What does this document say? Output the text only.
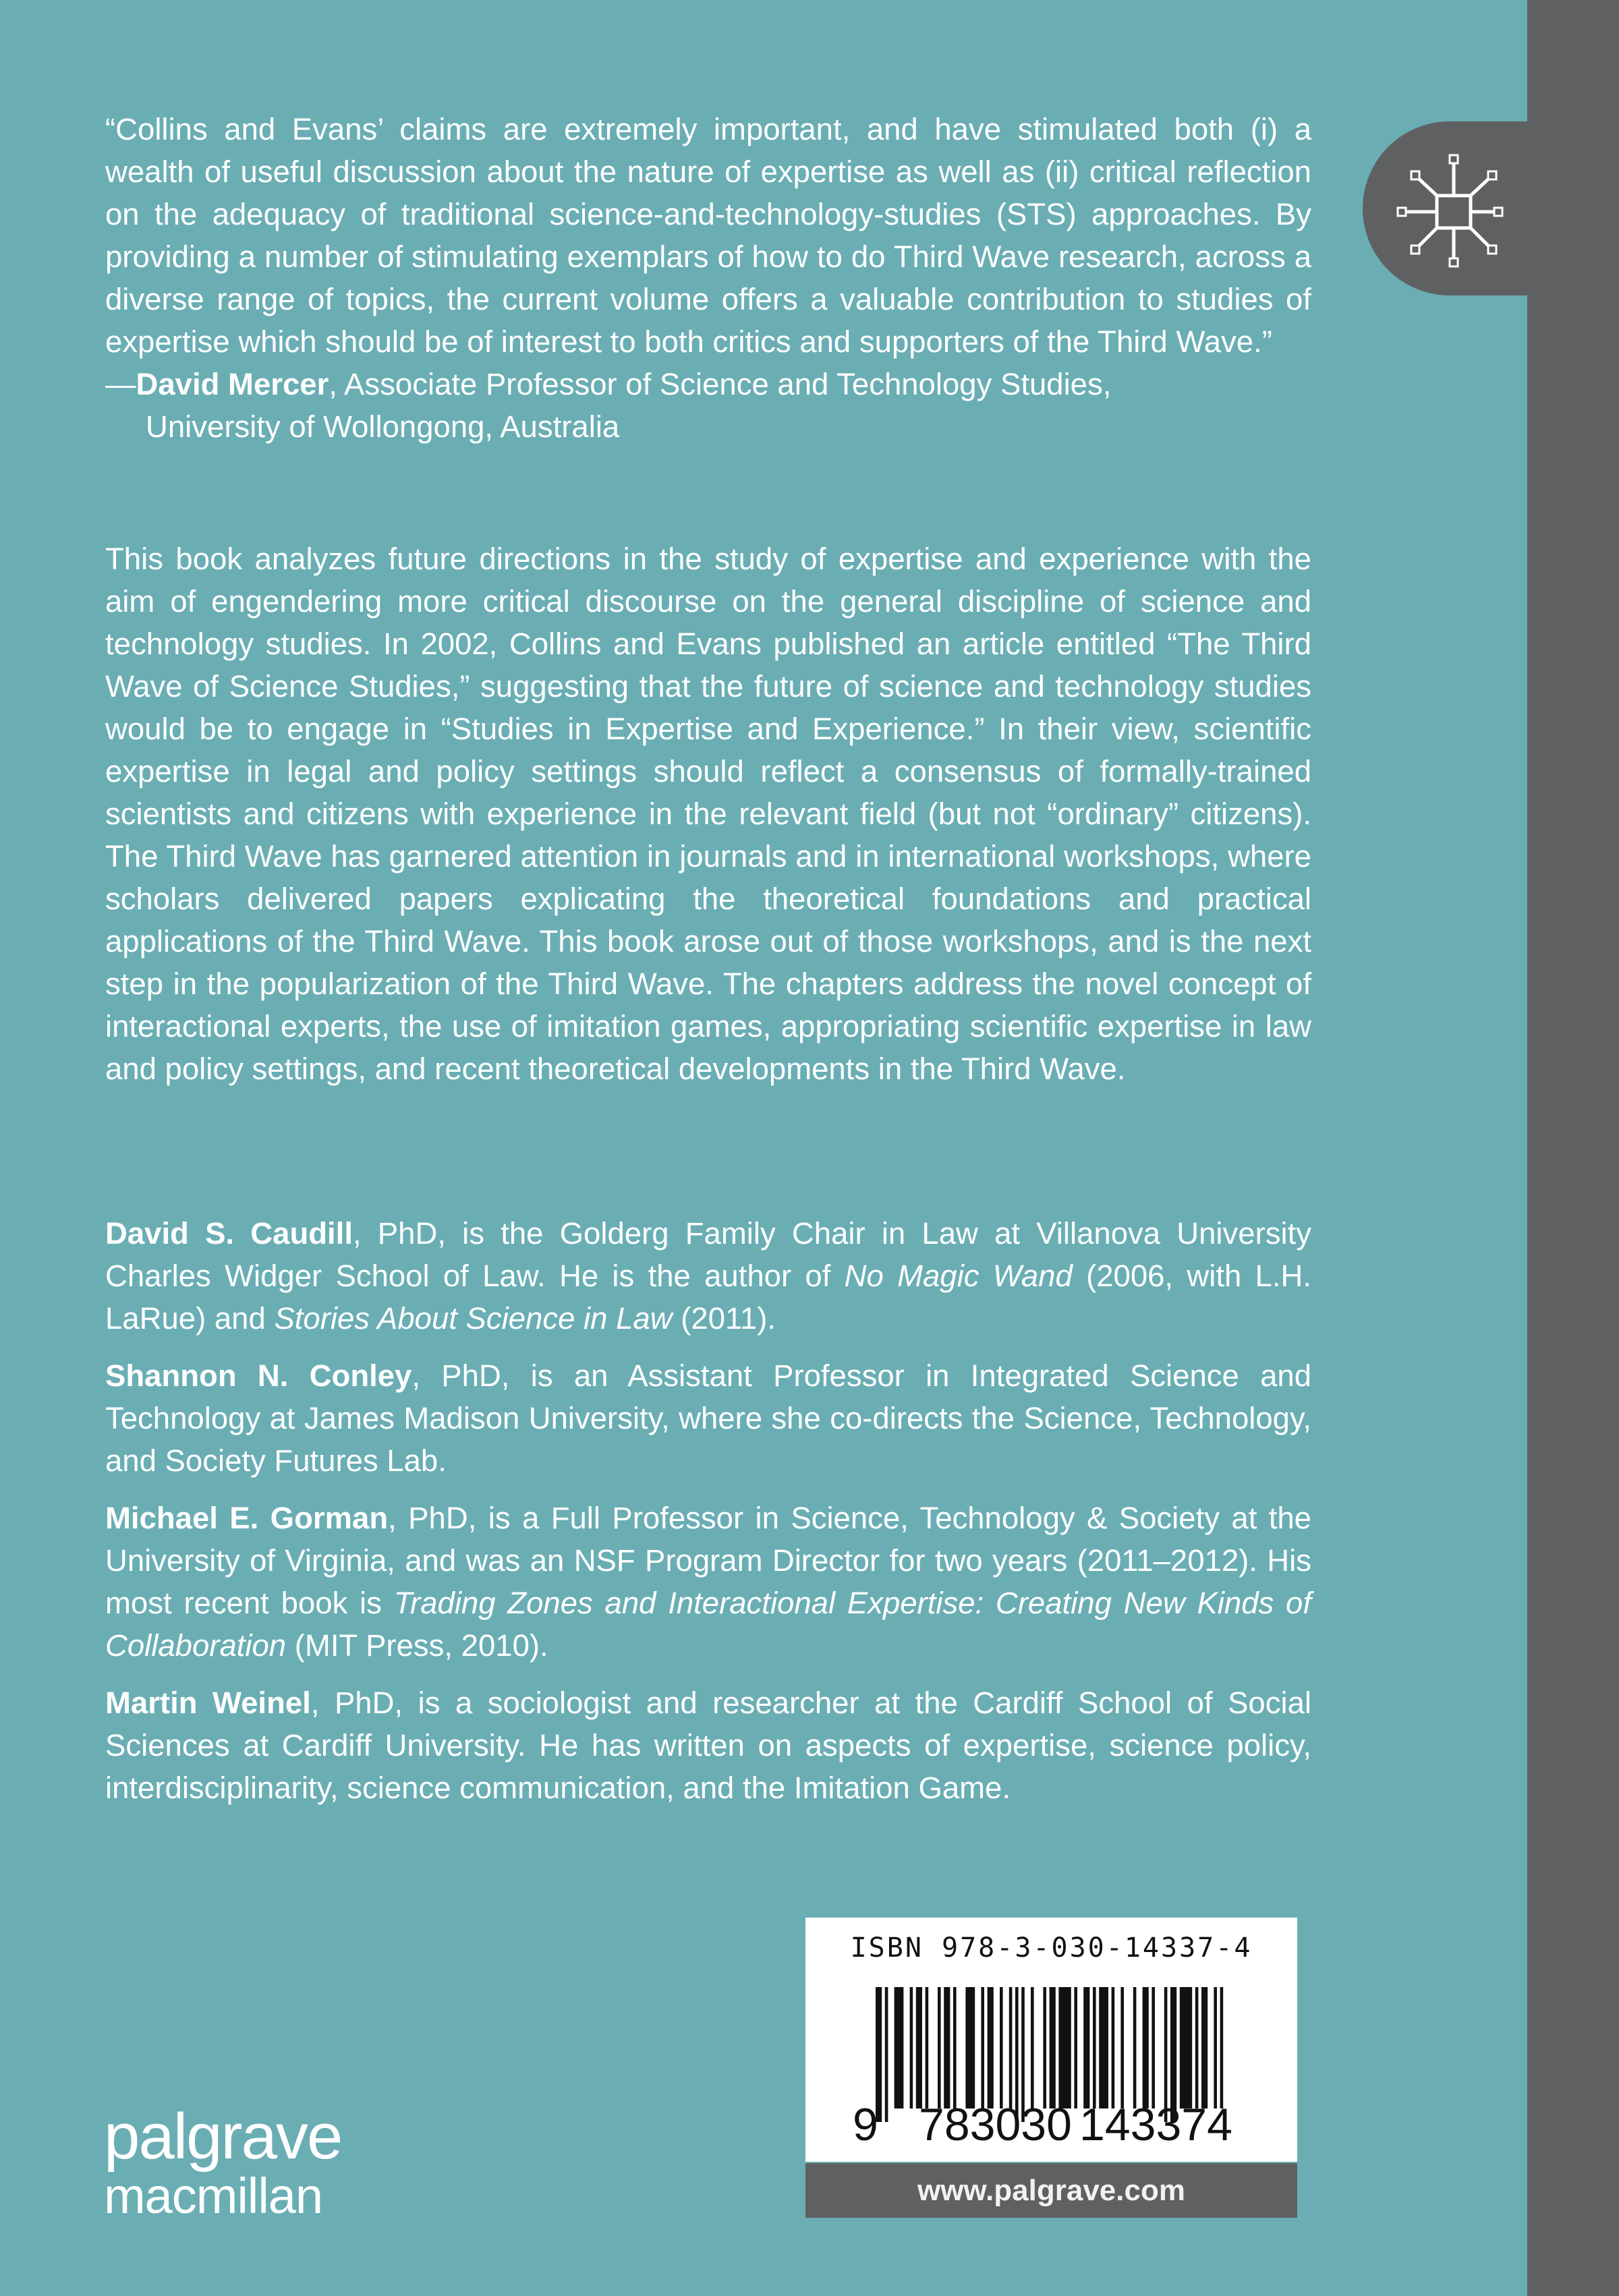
“Collins and Evans’ claims are extremely important, and have stimulated both (i) a wealth of useful discussion about the nature of expertise as well as (ii) critical reflection on the adequacy of traditional science-and-technology-studies (STS) approaches. By providing a number of stimulating exemplars of how to do Third Wave research, across a diverse range of topics, the current volume offers a valuable contribution to studies of expertise which should be of interest to both critics and supporters of the Third Wave.”

—David Mercer, Associate Professor of Science and Technology Studies,
University of Wollongong, Australia

This book analyzes future directions in the study of expertise and experience with the aim of engendering more critical discourse on the general discipline of science and technology studies. In 2002, Collins and Evans published an article entitled “The Third Wave of Science Studies,” suggesting that the future of science and technology studies would be to engage in “Studies in Expertise and Experience.” In their view, scientific expertise in legal and policy settings should reflect a consensus of formally-trained scientists and citizens with experience in the relevant field (but not “ordinary” citizens). The Third Wave has garnered attention in journals and in international workshops, where scholars delivered papers explicating the theoretical foundations and practical applications of the Third Wave. This book arose out of those workshops, and is the next step in the popularization of the Third Wave. The chapters address the novel concept of interactional experts, the use of imitation games, appropriating scientific expertise in law and policy settings, and recent theoretical developments in the Third Wave.

David S. Caudill, PhD, is the Golderg Family Chair in Law at Villanova University Charles Widger School of Law. He is the author of No Magic Wand (2006, with L.H. LaRue) and Stories About Science in Law (2011).

Shannon N. Conley, PhD, is an Assistant Professor in Integrated Science and Technology at James Madison University, where she co-directs the Science, Technology, and Society Futures Lab.

Michael E. Gorman, PhD, is a Full Professor in Science, Technology & Society at the University of Virginia, and was an NSF Program Director for two years (2011–2012). His most recent book is Trading Zones and Interactional Expertise: Creating New Kinds of Collaboration (MIT Press, 2010).

Martin Weinel, PhD, is a sociologist and researcher at the Cardiff School of Social Sciences at Cardiff University. He has written on aspects of expertise, science policy, interdisciplinarity, science communication, and the Imitation Game.

ISBN 978-3-030-14337-4
9 783030 143374
www.palgrave.com
palgrave
macmillan
